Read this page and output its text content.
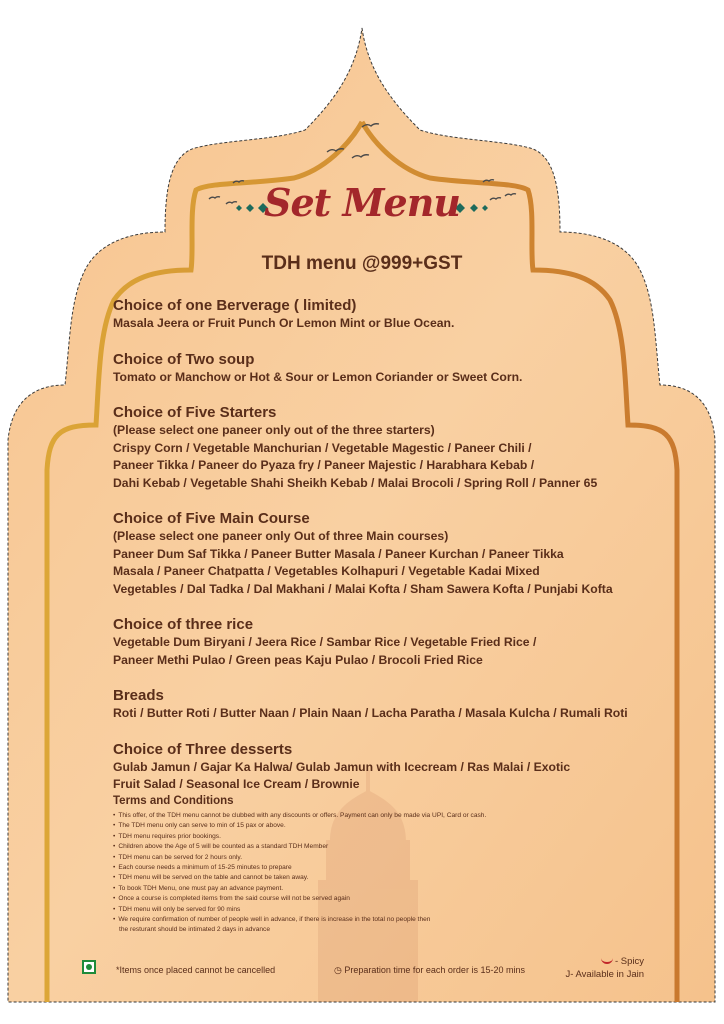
Set Menu
TDH menu @999+GST
Choice of one Berverage ( limited)
Masala Jeera or Fruit Punch Or Lemon Mint or Blue Ocean.
Choice of Two soup
Tomato or Manchow or Hot & Sour or Lemon Coriander or Sweet Corn.
Choice of Five Starters
(Please select one paneer only out of the three starters)
Crispy Corn / Vegetable Manchurian / Vegetable Magestic / Paneer Chili /
Paneer Tikka / Paneer do Pyaza fry / Paneer Majestic / Harabhara Kebab /
Dahi Kebab / Vegetable Shahi Sheikh Kebab / Malai Brocoli / Spring Roll / Panner 65
Choice of Five Main Course
(Please select one paneer only Out of three Main courses)
Paneer Dum Saf Tikka / Paneer Butter Masala / Paneer Kurchan / Paneer Tikka
Masala / Paneer Chatpatta / Vegetables Kolhapuri / Vegetable Kadai Mixed
Vegetables / Dal Tadka / Dal Makhani / Malai Kofta / Sham Sawera Kofta / Punjabi Kofta
Choice of three rice
Vegetable Dum Biryani / Jeera Rice / Sambar Rice / Vegetable Fried Rice /
Paneer Methi Pulao / Green peas Kaju Pulao / Brocoli Fried Rice
Breads
Roti / Butter Roti / Butter Naan / Plain Naan / Lacha Paratha / Masala Kulcha / Rumali Roti
Choice of Three desserts
Gulab Jamun / Gajar Ka Halwa/ Gulab Jamun with Icecream / Ras Malai / Exotic
Fruit Salad / Seasonal Ice Cream / Brownie
Terms and Conditions
• This offer, of the TDH menu cannot be clubbed with any discounts or offers. Payment can only be made via UPI, Card or cash.
• The TDH menu only can serve to min of 15 pax or above.
• TDH menu requires prior bookings.
• Children above the Age of 5 will be counted as a standard TDH Member
• TDH menu can be served for 2 hours only.
• Each course needs a minimum of 15-25 minutes to prepare
• TDH menu will be served on the table and cannot be taken away.
• To book TDH Menu, one must pay an advance payment.
• Once a course is completed items from the said course will not be served again
• TDH menu will only be served for 90 mins
• We require confirmation of number of people well in advance, if there is increase in the total no people then
the resturant should be intimated 2 days in advance
*Items once placed cannot be cancelled	◷ Preparation time for each order is 15-20 mins
- Spicy
J- Available in Jain
